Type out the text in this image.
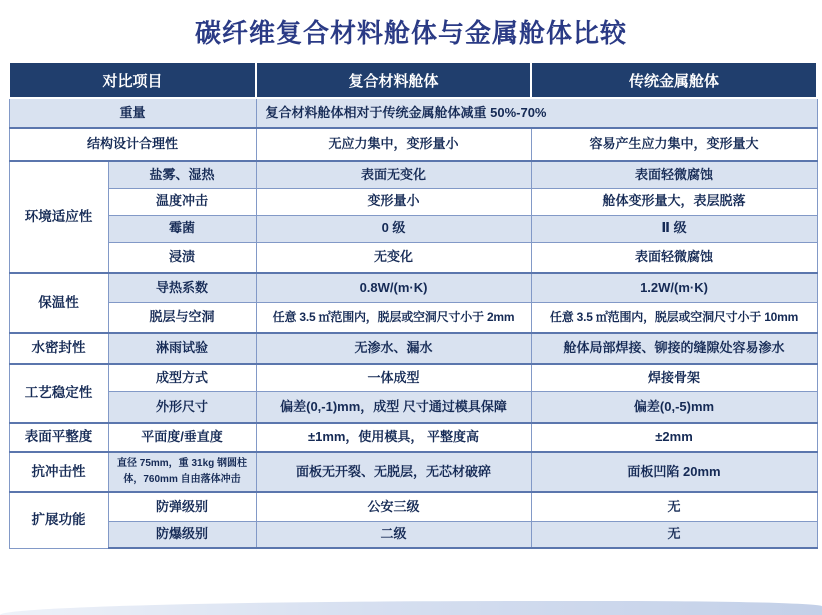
碳纤维复合材料舱体与金属舱体比较
对比项目		复合材料舱体	传统金属舱体
重量		复合材料舱体相对于传统金属舱体减重 50%-70%	
结构设计合理性		无应力集中，变形量小	容易产生应力集中，变形量大
环境适应性	盐雾、湿热	表面无变化	表面轻微腐蚀
	温度冲击	变形量小	舱体变形量大，表层脱落
	霉菌	0 级	Ⅱ 级
	浸渍	无变化	表面轻微腐蚀
保温性	导热系数	0.8W/(m·K)	1.2W/(m·K)
	脱层与空洞	任意 3.5 ㎡范围内，脱层或空洞尺寸小于 2mm	任意 3.5 ㎡范围内，脱层或空洞尺寸小于 10mm
水密封性	淋雨试验	无渗水、漏水	舱体局部焊接、铆接的缝隙处容易渗水
工艺稳定性	成型方式	一体成型	焊接骨架
	外形尺寸	偏差(0,-1)mm，成型 尺寸通过模具保障	偏差(0,-5)mm
表面平整度	平面度/垂直度	±1mm，使用模具， 平整度高	±2mm
抗冲击性	直径 75mm，重 31kg 钢圆柱体，760mm 自由落体冲击	面板无开裂、无脱层，无芯材破碎	面板凹陷 20mm
扩展功能	防弹级别	公安三级	无
	防爆级别	二级	无
